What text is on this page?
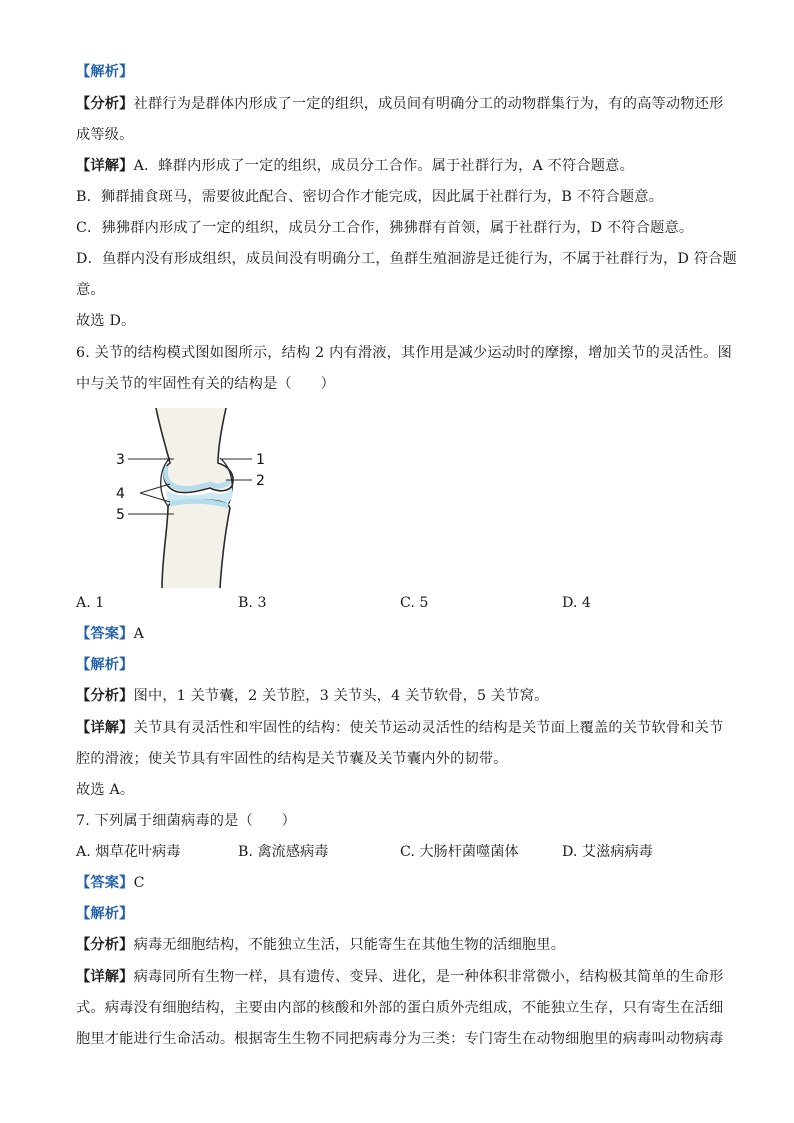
【解析】
【分析】社群行为是群体内形成了一定的组织，成员间有明确分工的动物群集行为，有的高等动物还形
成等级。
【详解】A．蜂群内形成了一定的组织，成员分工合作。属于社群行为，A 不符合题意。
B．狮群捕食斑马，需要彼此配合、密切合作才能完成，因此属于社群行为，B 不符合题意。
C．狒狒群内形成了一定的组织，成员分工合作，狒狒群有首领，属于社群行为，D 不符合题意。
D．鱼群内没有形成组织，成员间没有明确分工，鱼群生殖洄游是迁徙行为，不属于社群行为，D 符合题
意。
故选 D。
6. 关节的结构模式图如图所示，结构 2 内有滑液，其作用是减少运动时的摩擦，增加关节的灵活性。图
中与关节的牢固性有关的结构是（　　）
3
4
5
1
2
A. 1	B. 3	C. 5	D. 4
【答案】A
【解析】
【分析】图中，1 关节囊，2 关节腔，3 关节头，4 关节软骨，5 关节窝。
【详解】关节具有灵活性和牢固性的结构：使关节运动灵活性的结构是关节面上覆盖的关节软骨和关节
腔的滑液；使关节具有牢固性的结构是关节囊及关节囊内外的韧带。
故选 A。
7. 下列属于细菌病毒的是（　　）
A. 烟草花叶病毒	B. 禽流感病毒	C. 大肠杆菌噬菌体	D. 艾滋病病毒
【答案】C
【解析】
【分析】病毒无细胞结构，不能独立生活，只能寄生在其他生物的活细胞里。
【详解】病毒同所有生物一样，具有遗传、变异、进化，是一种体积非常微小，结构极其简单的生命形
式。病毒没有细胞结构，主要由内部的核酸和外部的蛋白质外壳组成，不能独立生存，只有寄生在活细
胞里才能进行生命活动。根据寄生生物不同把病毒分为三类：专门寄生在动物细胞里的病毒叫动物病毒
